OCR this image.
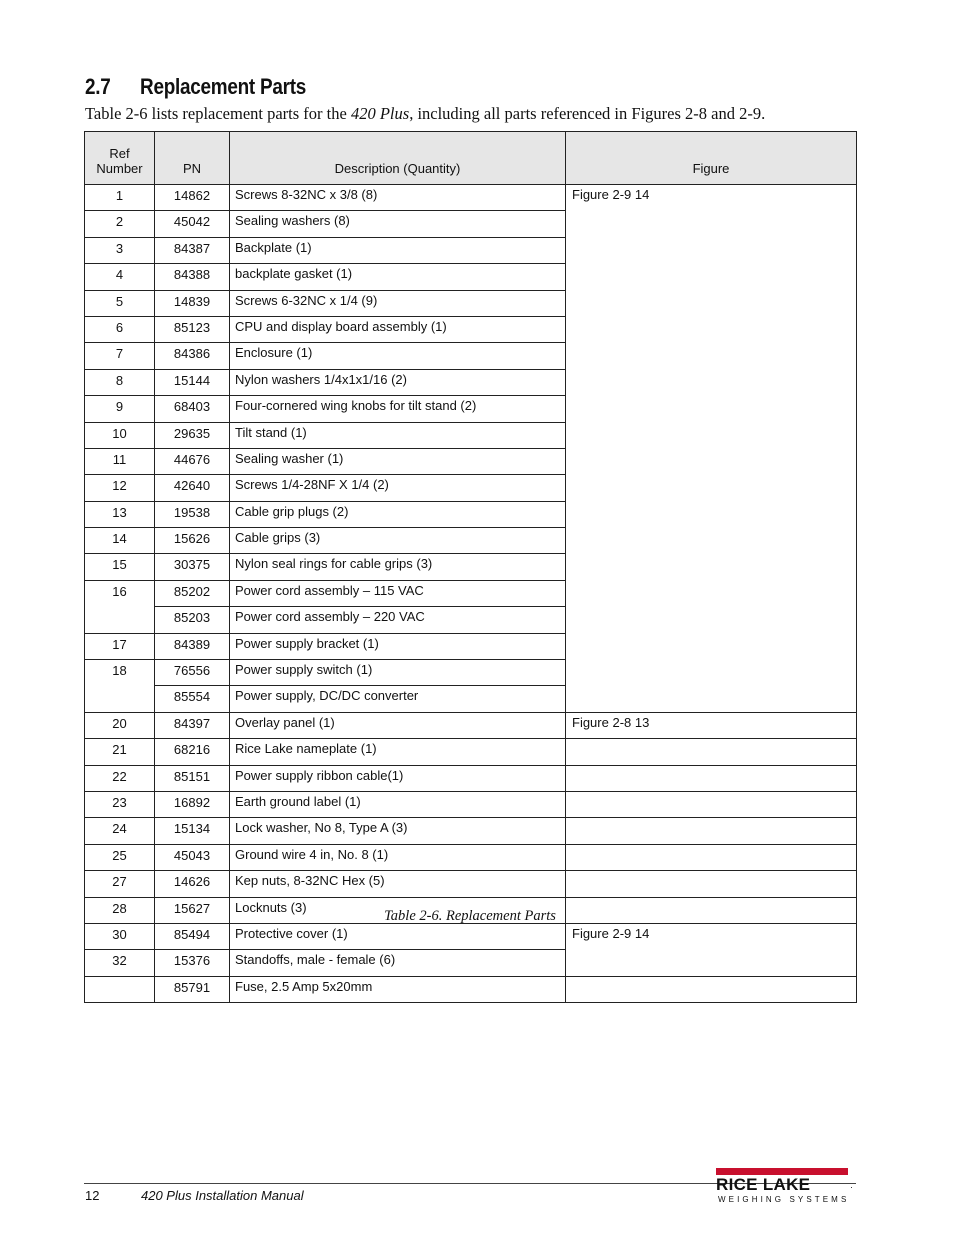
2.7 Replacement Parts
Table 2-6 lists replacement parts for the 420 Plus, including all parts referenced in Figures 2-8 and 2-9.
Ref Number	PN	Description (Quantity)	Figure
1	14862	Screws 8-32NC x 3/8 (8)	Figure 2-9 14
2	45042	Sealing washers (8)	
3	84387	Backplate (1)	
4	84388	backplate gasket (1)	
5	14839	Screws 6-32NC x 1/4 (9)	
6	85123	CPU and display board assembly (1)	
7	84386	Enclosure (1)	
8	15144	Nylon washers 1/4x1x1/16 (2)	
9	68403	Four-cornered wing knobs for tilt stand (2)	
10	29635	Tilt stand (1)	
11	44676	Sealing washer (1)	
12	42640	Screws 1/4-28NF X 1/4 (2)	
13	19538	Cable grip plugs (2)	
14	15626	Cable grips (3)	
15	30375	Nylon seal rings for cable grips (3)	
16	85202	Power cord assembly – 115 VAC	
	85203	Power cord assembly – 220 VAC	
17	84389	Power supply bracket (1)	
18	76556	Power supply switch (1)	
	85554	Power supply, DC/DC converter	
20	84397	Overlay panel (1)	Figure 2-8 13
21	68216	Rice Lake nameplate (1)	
22	85151	Power supply ribbon cable(1)	
23	16892	Earth ground label (1)	
24	15134	Lock washer, No 8, Type A (3)	
25	45043	Ground wire 4 in, No. 8 (1)	
27	14626	Kep nuts, 8-32NC Hex (5)	
28	15627	Locknuts (3)	
30	85494	Protective cover (1)	Figure 2-9 14
32	15376	Standoffs, male - female (6)	
	85791	Fuse, 2.5 Amp 5x20mm	
Table 2-6. Replacement Parts
12	420 Plus Installation Manual
RICE LAKE
WEIGHING SYSTEMS
·
